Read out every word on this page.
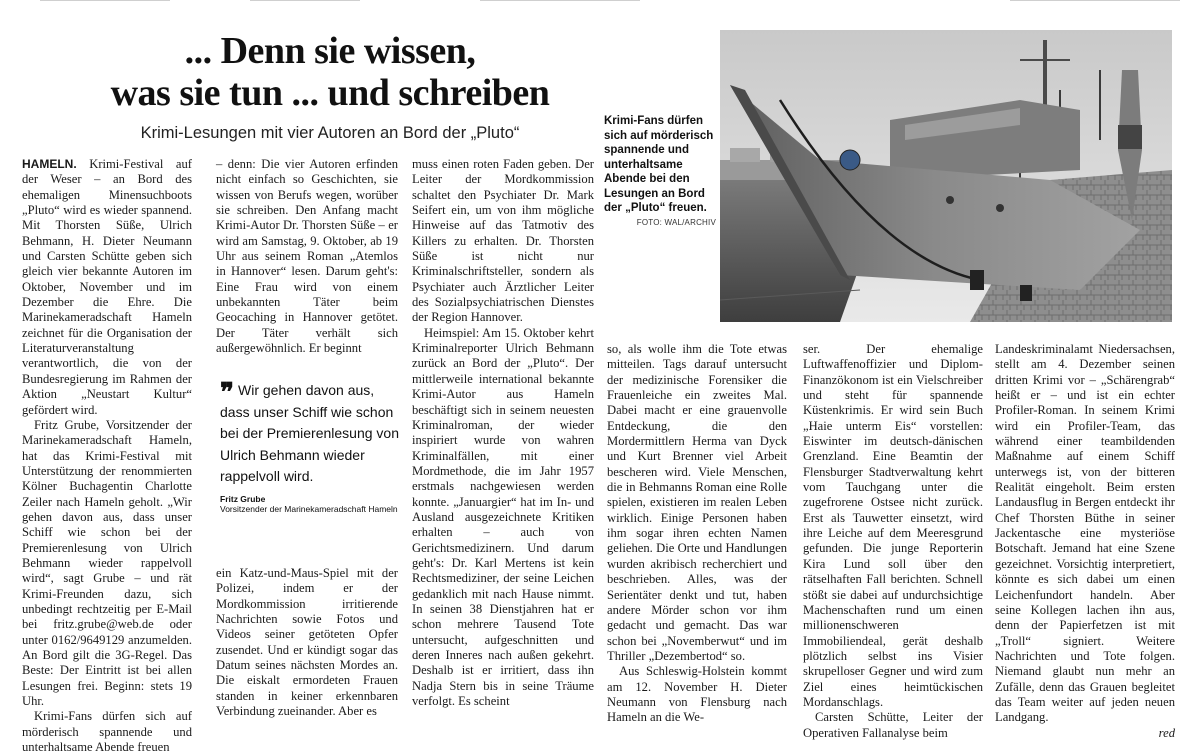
... Denn sie wissen,
was sie tun ... und schreiben
Krimi-Lesungen mit vier Autoren an Bord der „Pluto“
Krimi-Fans dürfen sich auf mörderisch spannende und unterhaltsame Abende bei den Lesungen an Bord der „Pluto“ freuen.
FOTO: WAL/ARCHIV

HAMELN. Krimi-Festival auf der Weser – an Bord des ehemaligen Minensuchboots „Pluto“ wird es wieder spannend. Mit Thorsten Süße, Ulrich Behmann, H. Dieter Neumann und Carsten Schütte geben sich gleich vier bekannte Autoren im Oktober, November und im Dezember die Ehre. Die Marinekameradschaft Hameln zeichnet für die Organisation der Literaturveranstaltung verantwortlich, die von der Bundesregierung im Rahmen der Aktion „Neustart Kultur“ gefördert wird.

Fritz Grube, Vorsitzender der Marinekameradschaft Hameln, hat das Krimi-Festival mit Unterstützung der renommierten Kölner Buchagentin Charlotte Zeiler nach Hameln geholt. „Wir gehen davon aus, dass unser Schiff wie schon bei der Premierenlesung von Ulrich Behmann wieder rappelvoll wird“, sagt Grube – und rät Krimi-Freunden dazu, sich unbedingt rechtzeitig per E-Mail bei fritz.grube@web.de oder unter 0162/9649129 anzumelden. An Bord gilt die 3G-Regel. Das Beste: Der Eintritt ist bei allen Lesungen frei. Beginn: stets 19 Uhr.

Krimi-Fans dürfen sich auf mörderisch spannende und unterhaltsame Abende freuen

– denn: Die vier Autoren erfinden nicht einfach so Geschichten, sie wissen von Berufs wegen, worüber sie schreiben. Den Anfang macht Krimi-Autor Dr. Thorsten Süße – er wird am Samstag, 9. Oktober, ab 19 Uhr aus seinem Roman „Atemlos in Hannover“ lesen. Darum geht's: Eine Frau wird von einem unbekannten Täter beim Geocaching in Hannover getötet. Der Täter verhält sich außergewöhnlich. Er beginnt

❞ Wir gehen davon aus, dass unser Schiff wie schon bei der Premierenlesung von Ulrich Behmann wieder rappelvoll wird.
Fritz Grube
Vorsitzender der Marinekameradschaft Hameln

ein Katz-und-Maus-Spiel mit der Polizei, indem er der Mordkommission irritierende Nachrichten sowie Fotos und Videos seiner getöteten Opfer zusendet. Und er kündigt sogar das Datum seines nächsten Mordes an. Die eiskalt ermordeten Frauen standen in keiner erkennbaren Verbindung zueinander. Aber es

muss einen roten Faden geben. Der Leiter der Mordkommission schaltet den Psychiater Dr. Mark Seifert ein, um von ihm mögliche Hinweise auf das Tatmotiv des Killers zu erhalten. Dr. Thorsten Süße ist nicht nur Kriminalschriftsteller, sondern als Psychiater auch Ärztlicher Leiter des Sozialpsychiatrischen Dienstes der Region Hannover.

Heimspiel: Am 15. Oktober kehrt Kriminalreporter Ulrich Behmann zurück an Bord der „Pluto“. Der mittlerweile international bekannte Krimi-Autor aus Hameln beschäftigt sich in seinem neuesten Kriminalroman, der wieder inspiriert wurde von wahren Kriminalfällen, mit einer Mordmethode, die im Jahr 1957 erstmals nachgewiesen werden konnte. „Januargier“ hat im In- und Ausland ausgezeichnete Kritiken erhalten – auch von Gerichtsmedizinern. Und darum geht's: Dr. Karl Mertens ist kein Rechtsmediziner, der seine Leichen gedanklich mit nach Hause nimmt. In seinen 38 Dienstjahren hat er schon mehrere Tausend Tote untersucht, aufgeschnitten und deren Inneres nach außen gekehrt. Deshalb ist er irritiert, dass ihn Nadja Stern bis in seine Träume verfolgt. Es scheint

so, als wolle ihm die Tote etwas mitteilen. Tags darauf untersucht der medizinische Forensiker die Frauenleiche ein zweites Mal. Dabei macht er eine grauenvolle Entdeckung, die den Mordermittlern Herma van Dyck und Kurt Brenner viel Arbeit bescheren wird. Viele Menschen, die in Behmanns Roman eine Rolle spielen, existieren im realen Leben wirklich. Einige Personen haben ihm sogar ihren echten Namen geliehen. Die Orte und Handlungen wurden akribisch recherchiert und beschrieben. Alles, was der Serientäter denkt und tut, haben andere Mörder schon vor ihm gedacht und gemacht. Das war schon bei „Novemberwut“ und im Thriller „Dezembertod“ so.

Aus Schleswig-Holstein kommt am 12. November H. Dieter Neumann von Flensburg nach Hameln an die We-

ser. Der ehemalige Luftwaffenoffizier und Diplom-Finanzökonom ist ein Vielschreiber und steht für spannende Küstenkrimis. Er wird sein Buch „Haie unterm Eis“ vorstellen: Eiswinter im deutsch-dänischen Grenzland. Eine Beamtin der Flensburger Stadtverwaltung kehrt vom Tauchgang unter die zugefrorene Ostsee nicht zurück. Erst als Tauwetter einsetzt, wird ihre Leiche auf dem Meeresgrund gefunden. Die junge Reporterin Kira Lund soll über den rätselhaften Fall berichten. Schnell stößt sie dabei auf undurchsichtige Machenschaften rund um einen millionenschweren Immobiliendeal, gerät deshalb plötzlich selbst ins Visier skrupelloser Gegner und wird zum Ziel eines heimtückischen Mordanschlags.

Carsten Schütte, Leiter der Operativen Fallanalyse beim

Landeskriminalamt Niedersachsen, stellt am 4. Dezember seinen dritten Krimi vor – „Schärengrab“ heißt er – und ist ein echter Profiler-Roman. In seinem Krimi wird ein Profiler-Team, das während einer teambildenden Maßnahme auf einem Schiff unterwegs ist, von der bitteren Realität eingeholt. Beim ersten Landausflug in Bergen entdeckt ihr Chef Thorsten Büthe in seiner Jackentasche eine mysteriöse Botschaft. Jemand hat eine Szene gezeichnet. Vorsichtig interpretiert, könnte es sich dabei um einen Leichenfundort handeln. Aber seine Kollegen lachen ihn aus, denn der Papierfetzen ist mit „Troll“ signiert. Weitere Nachrichten und Tote folgen. Niemand glaubt nun mehr an Zufälle, denn das Grauen begleitet das Team weiter auf jeden neuen Landgang.

red
